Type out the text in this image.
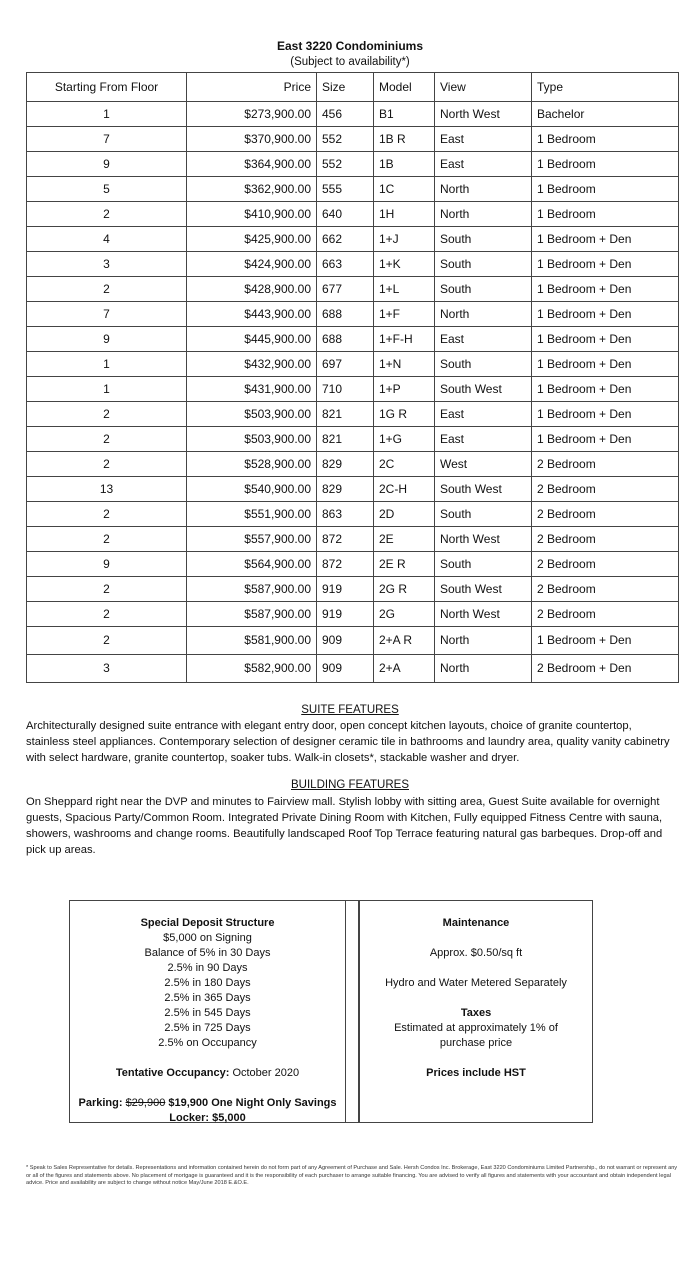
East 3220 Condominiums
(Subject to availability*)
Starting From Floor	Price	Size	Model	View	Type
1	$273,900.00	456	B1	North West	Bachelor
7	$370,900.00	552	1B R	East	1 Bedroom
9	$364,900.00	552	1B	East	1 Bedroom
5	$362,900.00	555	1C	North	1 Bedroom
2	$410,900.00	640	1H	North	1 Bedroom
4	$425,900.00	662	1+J	South	1 Bedroom + Den
3	$424,900.00	663	1+K	South	1 Bedroom + Den
2	$428,900.00	677	1+L	South	1 Bedroom + Den
7	$443,900.00	688	1+F	North	1 Bedroom + Den
9	$445,900.00	688	1+F-H	East	1 Bedroom + Den
1	$432,900.00	697	1+N	South	1 Bedroom + Den
1	$431,900.00	710	1+P	South West	1 Bedroom + Den
2	$503,900.00	821	1G R	East	1 Bedroom + Den
2	$503,900.00	821	1+G	East	1 Bedroom + Den
2	$528,900.00	829	2C	West	2 Bedroom
13	$540,900.00	829	2C-H	South West	2 Bedroom
2	$551,900.00	863	2D	South	2 Bedroom
2	$557,900.00	872	2E	North West	2 Bedroom
9	$564,900.00	872	2E R	South	2 Bedroom
2	$587,900.00	919	2G R	South West	2 Bedroom
2	$587,900.00	919	2G	North West	2 Bedroom
2	$581,900.00	909	2+A R	North	1 Bedroom + Den
3	$582,900.00	909	2+A	North	2 Bedroom + Den
SUITE FEATURES
Architecturally designed suite entrance with elegant entry door, open concept kitchen layouts, choice of granite countertop, stainless steel appliances. Contemporary selection of designer ceramic tile in bathrooms and laundry area, quality vanity cabinetry with select hardware, granite countertop, soaker tubs. Walk-in closets*, stackable washer and dryer.
BUILDING FEATURES
On Sheppard right near the DVP and minutes to Fairview mall. Stylish lobby with sitting area, Guest Suite available for overnight guests, Spacious Party/Common Room. Integrated Private Dining Room with Kitchen, Fully equipped Fitness Centre with sauna, showers, washrooms and change rooms. Beautifully landscaped Roof Top Terrace featuring natural gas barbeques. Drop-off and pick up areas.
Special Deposit Structure
$5,000 on Signing
Balance of 5% in 30 Days
2.5% in 90 Days
2.5% in 180 Days
2.5% in 365 Days
2.5% in 545 Days
2.5% in 725 Days
2.5% on Occupancy
Tentative Occupancy: October 2020
Parking: $29,900 $19,900 One Night Only Savings
Locker: $5,000
Maintenance
Approx. $0.50/sq ft
Hydro and Water Metered Separately
Taxes
Estimated at approximately 1% of purchase price
Prices include HST
* Speak to Sales Representative for details. Representations and information contained herein do not form part of any Agreement of Purchase and Sale. Hersh Condos Inc. Brokerage, East 3220 Condominiums Limited Partnership., do not warrant or represent any or all of the figures and statements above. No placement of mortgage is guaranteed and it is the responsibility of each purchaser to arrange suitable financing. You are advised to verify all figures and statements with your accountant and obtain independent legal advice. Price and availability are subject to change without notice May/June 2018 E.&O.E.
